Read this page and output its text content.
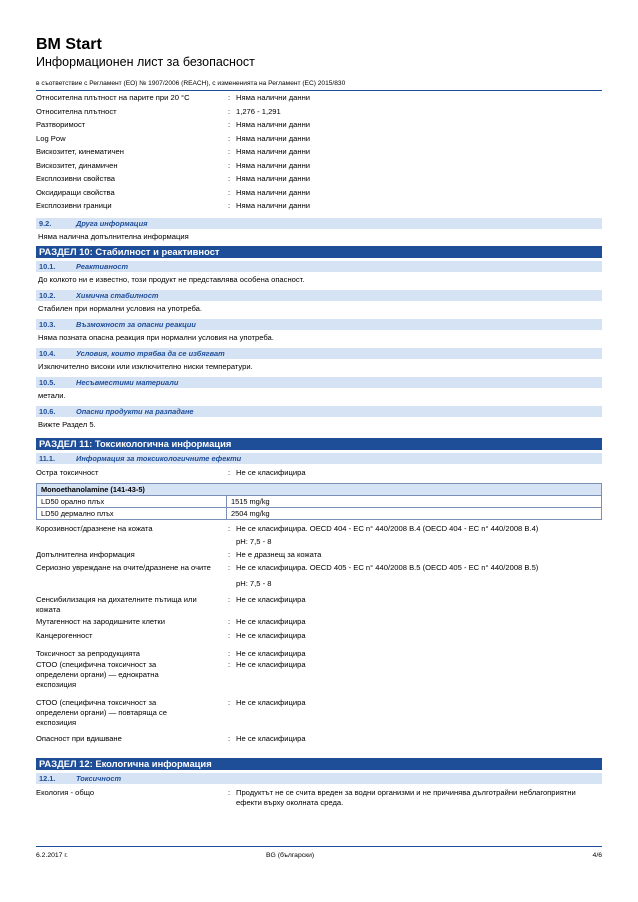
BM Start

Информационен лист за безопасност

в съответствие с Регламент (ЕО) № 1907/2006 (REACH), с измененията на Регламент (ЕС) 2015/830

Относителна плътност на парите при 20 °C	: Няма налични данни
Относителна плътност	: 1,276 - 1,291
Разтворимост	: Няма налични данни
Log Pow	: Няма налични данни
Вискозитет, кинематичен	: Няма налични данни
Вискозитет, динамичен	: Няма налични данни
Експлозивни свойства	: Няма налични данни
Оксидиращи свойства	: Няма налични данни
Експлозивни граници	: Няма налични данни
9.2.	Друга информация
Няма налична допълнителна информация
РАЗДЕЛ 10: Стабилност и реактивност
10.1.	Реактивност
До колкото ни е известно, този продукт не представлява особена опасност.
10.2.	Химична стабилност
Стабилен при нормални условия на употреба.
10.3.	Възможност за опасни реакции
Няма позната опасна реакция при нормални условия на употреба.
10.4.	Условия, които трябва да се избягват
Изключително високи или изключително ниски температури.
10.5.	Несъвместими материали
метали.
10.6.	Опасни продукти на разпадане
Вижте Раздел 5.
РАЗДЕЛ 11: Токсикологична информация
11.1.	Информация за токсикологичните ефекти
Остра токсичност	: Не се класифицира
Monoethanolamine (141-43-5)	
LD50 орално плъх	1515 mg/kg
LD50 дермално плъх	2504 mg/kg
Корозивност/дразнене на кожата	: Не се класифицира. OECD 404 - EC n° 440/2008 B.4 (OECD 404 - EC n° 440/2008 B.4)
pH: 7,5 - 8
Допълнителна информация	: Не е дразнещ за кожата
Сериозно увреждане на очите/дразнене на очите	: Не се класифицира. OECD 405 - EC n° 440/2008 B.5 (OECD 405 - EC n° 440/2008 B.5)
pH: 7,5 - 8
Сенсибилизация на дихателните пътища или кожата
: Не се класифицира
Мутагенност на зародишните клетки	: Не се класифицира
Канцерогенност	: Не се класифицира
Токсичност за репродукцията	: Не се класифицира
СТОО (специфична токсичност за определени органи) — еднократна експозиция
: Не се класифицира
СТОО (специфична токсичност за определени органи) — повтаряща се експозиция
: Не се класифицира
Опасност при вдишване	: Не се класифицира
РАЗДЕЛ 12: Екологична информация
12.1.	Токсичност
Екология - общо	: Продуктът не се счита вреден за водни организми и не причинява дълготрайни неблагоприятни ефекти върху околната среда.
6.2.2017 г.	BG (български)	4/6
